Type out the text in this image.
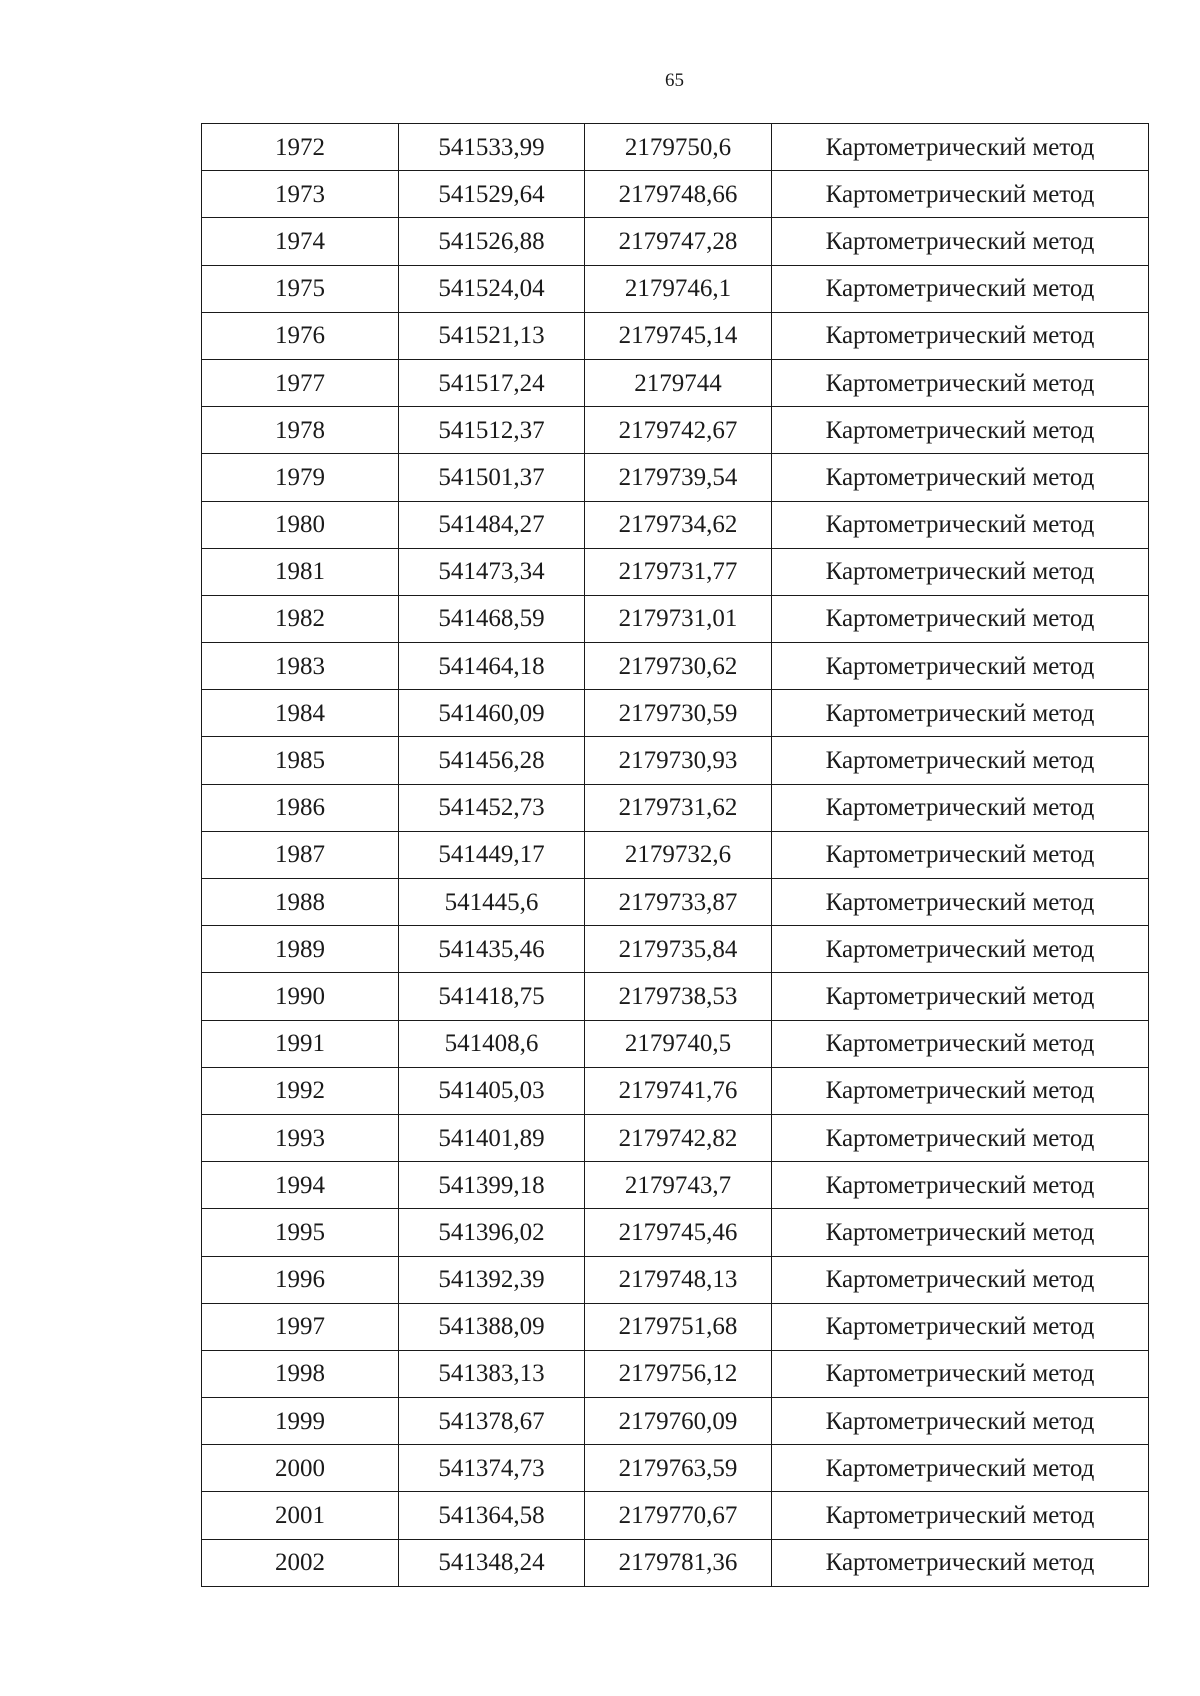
65
1972	541533,99	2179750,6	Картометрический метод
1973	541529,64	2179748,66	Картометрический метод
1974	541526,88	2179747,28	Картометрический метод
1975	541524,04	2179746,1	Картометрический метод
1976	541521,13	2179745,14	Картометрический метод
1977	541517,24	2179744	Картометрический метод
1978	541512,37	2179742,67	Картометрический метод
1979	541501,37	2179739,54	Картометрический метод
1980	541484,27	2179734,62	Картометрический метод
1981	541473,34	2179731,77	Картометрический метод
1982	541468,59	2179731,01	Картометрический метод
1983	541464,18	2179730,62	Картометрический метод
1984	541460,09	2179730,59	Картометрический метод
1985	541456,28	2179730,93	Картометрический метод
1986	541452,73	2179731,62	Картометрический метод
1987	541449,17	2179732,6	Картометрический метод
1988	541445,6	2179733,87	Картометрический метод
1989	541435,46	2179735,84	Картометрический метод
1990	541418,75	2179738,53	Картометрический метод
1991	541408,6	2179740,5	Картометрический метод
1992	541405,03	2179741,76	Картометрический метод
1993	541401,89	2179742,82	Картометрический метод
1994	541399,18	2179743,7	Картометрический метод
1995	541396,02	2179745,46	Картометрический метод
1996	541392,39	2179748,13	Картометрический метод
1997	541388,09	2179751,68	Картометрический метод
1998	541383,13	2179756,12	Картометрический метод
1999	541378,67	2179760,09	Картометрический метод
2000	541374,73	2179763,59	Картометрический метод
2001	541364,58	2179770,67	Картометрический метод
2002	541348,24	2179781,36	Картометрический метод
